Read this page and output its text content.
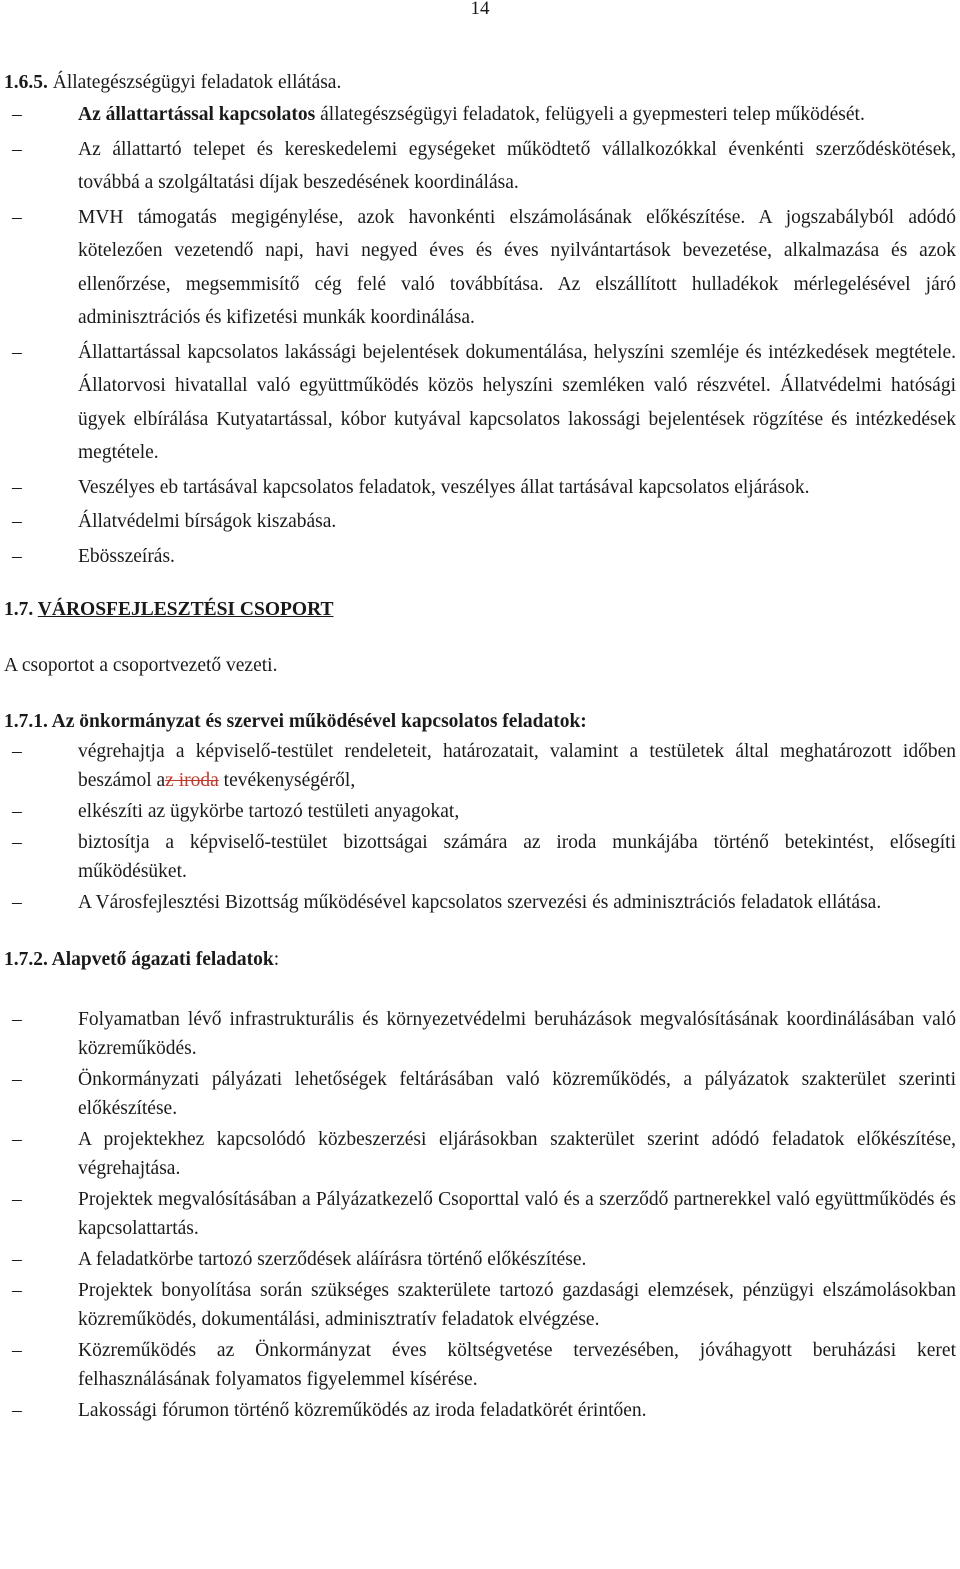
14

1.6.5. Állategészségügyi feladatok ellátása.

–	Az állattartással kapcsolatos állategészségügyi feladatok, felügyeli a gyepmesteri telep működését.
–	Az állattartó telepet és kereskedelemi egységeket működtető vállalkozókkal évenkénti szerződéskötések, továbbá a szolgáltatási díjak beszedésének koordinálása.
–	MVH támogatás megigénylése, azok havonkénti elszámolásának előkészítése. A jogszabályból adódó kötelezően vezetendő napi, havi negyed éves és éves nyilvántartások bevezetése, alkalmazása és azok ellenőrzése, megsemmisítő cég felé való továbbítása. Az elszállított hulladékok mérlegelésével járó adminisztrációs és kifizetési munkák koordinálása.
–	Állattartással kapcsolatos lakássági bejelentések dokumentálása, helyszíni szemléje és intézkedések megtétele. Állatorvosi hivatallal való együttműködés közös helyszíni szemléken való részvétel. Állatvédelmi hatósági ügyek elbírálása Kutyatartással, kóbor kutyával kapcsolatos lakossági bejelentések rögzítése és intézkedések megtétele.
–	Veszélyes eb tartásával kapcsolatos feladatok, veszélyes állat tartásával kapcsolatos eljárások.
–	Állatvédelmi bírságok kiszabása.
–	Ebösszeírás.

1.7. VÁROSFEJLESZTÉSI CSOPORT

A csoportot a csoportvezető vezeti.

1.7.1. Az önkormányzat és szervei működésével kapcsolatos feladatok:

–	végrehajtja a képviselő-testület rendeleteit, határozatait, valamint a testületek által meghatározott időben beszámol az iroda tevékenységéről,
–	elkészíti az ügykörbe tartozó testületi anyagokat,
–	biztosítja a képviselő-testület bizottságai számára az iroda munkájába történő betekintést, elősegíti működésüket.
–	A Városfejlesztési Bizottság működésével kapcsolatos szervezési és adminisztrációs feladatok ellátása.

1.7.2. Alapvető ágazati feladatok:

–	Folyamatban lévő infrastrukturális és környezetvédelmi beruházások megvalósításának koordinálásában való közreműködés.
–	Önkormányzati pályázati lehetőségek feltárásában való közreműködés, a pályázatok szakterület szerinti előkészítése.
–	A projektekhez kapcsolódó közbeszerzési eljárásokban szakterület szerint adódó feladatok előkészítése, végrehajtása.
–	Projektek megvalósításában a Pályázatkezelő Csoporttal való és a szerződő partnerekkel való együttműködés és kapcsolattartás.
–	A feladatkörbe tartozó szerződések aláírásra történő előkészítése.
–	Projektek bonyolítása során szükséges szakterülete tartozó gazdasági elemzések, pénzügyi elszámolásokban közreműködés, dokumentálási, adminisztratív feladatok elvégzése.
–	Közreműködés az Önkormányzat éves költségvetése tervezésében, jóváhagyott beruházási keret felhasználásának folyamatos figyelemmel kísérése.
–	Lakossági fórumon történő közreműködés az iroda feladatkörét érintően.
